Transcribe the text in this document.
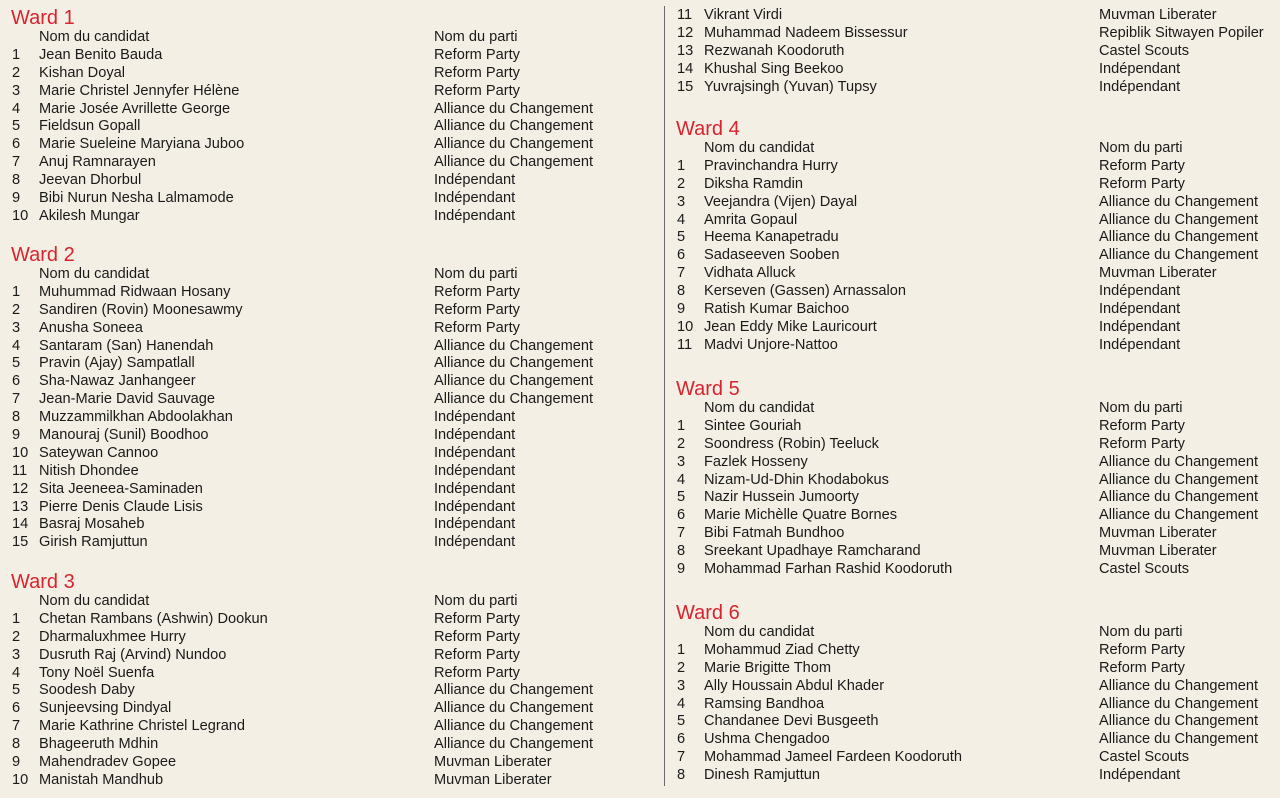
Ward 1
Nom du candidat	Nom du parti
1 Jean Benito Bauda	Reform Party
2 Kishan Doyal	Reform Party
3 Marie Christel Jennyfer Hélène	Reform Party
4 Marie Josée Avrillette George	Alliance du Changement
5 Fieldsun Gopall	Alliance du Changement
6 Marie Sueleine Maryiana Juboo	Alliance du Changement
7 Anuj Ramnarayen	Alliance du Changement
8 Jeevan Dhorbul	Indépendant
9 Bibi Nurun Nesha Lalmamode	Indépendant
10 Akilesh Mungar	Indépendant
Ward 2
Nom du candidat	Nom du parti
1 Muhummad Ridwaan Hosany	Reform Party
2 Sandiren (Rovin) Moonesawmy	Reform Party
3 Anusha Soneea	Reform Party
4 Santaram (San) Hanendah	Alliance du Changement
5 Pravin (Ajay) Sampatlall	Alliance du Changement
6 Sha-Nawaz Janhangeer	Alliance du Changement
7 Jean-Marie David Sauvage	Alliance du Changement
8 Muzzammilkhan Abdoolakhan	Indépendant
9 Manouraj (Sunil) Boodhoo	Indépendant
10 Sateywan Cannoo	Indépendant
11 Nitish Dhondee	Indépendant
12 Sita Jeeneea-Saminaden	Indépendant
13 Pierre Denis Claude Lisis	Indépendant
14 Basraj Mosaheb	Indépendant
15 Girish Ramjuttun	Indépendant
Ward 3
Nom du candidat	Nom du parti
1 Chetan Rambans (Ashwin) Dookun	Reform Party
2 Dharmaluxhmee Hurry	Reform Party
3 Dusruth Raj (Arvind) Nundoo	Reform Party
4 Tony Noël Suenfa	Reform Party
5 Soodesh Daby	Alliance du Changement
6 Sunjeevsing Dindyal	Alliance du Changement
7 Marie Kathrine Christel Legrand	Alliance du Changement
8 Bhageeruth Mdhin	Alliance du Changement
9 Mahendradev Gopee	Muvman Liberater
10 Manistah Mandhub	Muvman Liberater
11 Vikrant Virdi	Muvman Liberater
12 Muhammad Nadeem Bissessur	Repiblik Sitwayen Popiler
13 Rezwanah Koodoruth	Castel Scouts
14 Khushal Sing Beekoo	Indépendant
15 Yuvrajsingh (Yuvan) Tupsy	Indépendant
Ward 4
Nom du candidat	Nom du parti
1 Pravinchandra Hurry	Reform Party
2 Diksha Ramdin	Reform Party
3 Veejandra (Vijen) Dayal	Alliance du Changement
4 Amrita Gopaul	Alliance du Changement
5 Heema Kanapetradu	Alliance du Changement
6 Sadaseeven Sooben	Alliance du Changement
7 Vidhata Alluck	Muvman Liberater
8 Kerseven (Gassen) Arnassalon	Indépendant
9 Ratish Kumar Baichoo	Indépendant
10 Jean Eddy Mike Lauricourt	Indépendant
11 Madvi Unjore-Nattoo	Indépendant
Ward 5
Nom du candidat	Nom du parti
1 Sintee Gouriah	Reform Party
2 Soondress (Robin) Teeluck	Reform Party
3 Fazlek Hosseny	Alliance du Changement
4 Nizam-Ud-Dhin Khodabokus	Alliance du Changement
5 Nazir Hussein Jumoorty	Alliance du Changement
6 Marie Michèlle Quatre Bornes	Alliance du Changement
7 Bibi Fatmah Bundhoo	Muvman Liberater
8 Sreekant Upadhaye Ramcharand	Muvman Liberater
9 Mohammad Farhan Rashid Koodoruth	Castel Scouts
Ward 6
Nom du candidat	Nom du parti
1 Mohammud Ziad Chetty	Reform Party
2 Marie Brigitte Thom	Reform Party
3 Ally Houssain Abdul Khader	Alliance du Changement
4 Ramsing Bandhoa	Alliance du Changement
5 Chandanee Devi Busgeeth	Alliance du Changement
6 Ushma Chengadoo	Alliance du Changement
7 Mohammad Jameel Fardeen Koodoruth	Castel Scouts
8 Dinesh Ramjuttun	Indépendant
